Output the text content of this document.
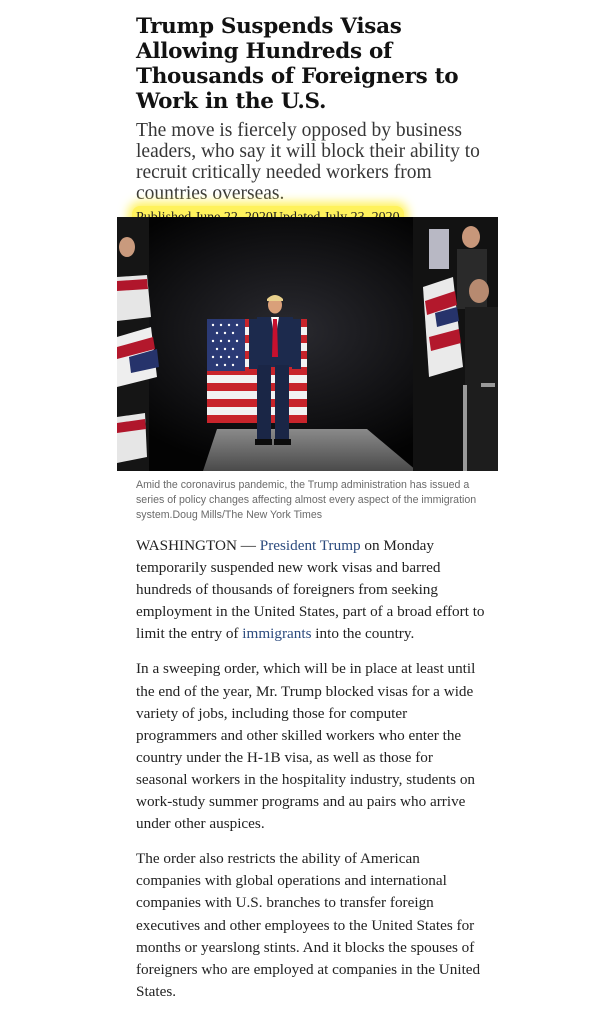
Trump Suspends Visas Allowing Hundreds of Thousands of Foreigners to Work in the U.S.

The move is fiercely opposed by business leaders, who say it will block their ability to recruit critically needed workers from countries overseas.

Amid the coronavirus pandemic, the Trump administration has issued a series of policy changes affecting almost every aspect of the immigration system.Doug Mills/The New York Times

WASHINGTON — President Trump on Monday temporarily suspended new work visas and barred hundreds of thousands of foreigners from seeking employment in the United States, part of a broad effort to limit the entry of immigrants into the country.

In a sweeping order, which will be in place at least until the end of the year, Mr. Trump blocked visas for a wide variety of jobs, including those for computer programmers and other skilled workers who enter the country under the H-1B visa, as well as those for seasonal workers in the hospitality industry, students on work-study summer programs and au pairs who arrive under other auspices.

The order also restricts the ability of American companies with global operations and international companies with U.S. branches to transfer foreign executives and other employees to the United States for months or yearslong stints. And it blocks the spouses of foreigners who are employed at companies in the United States.
